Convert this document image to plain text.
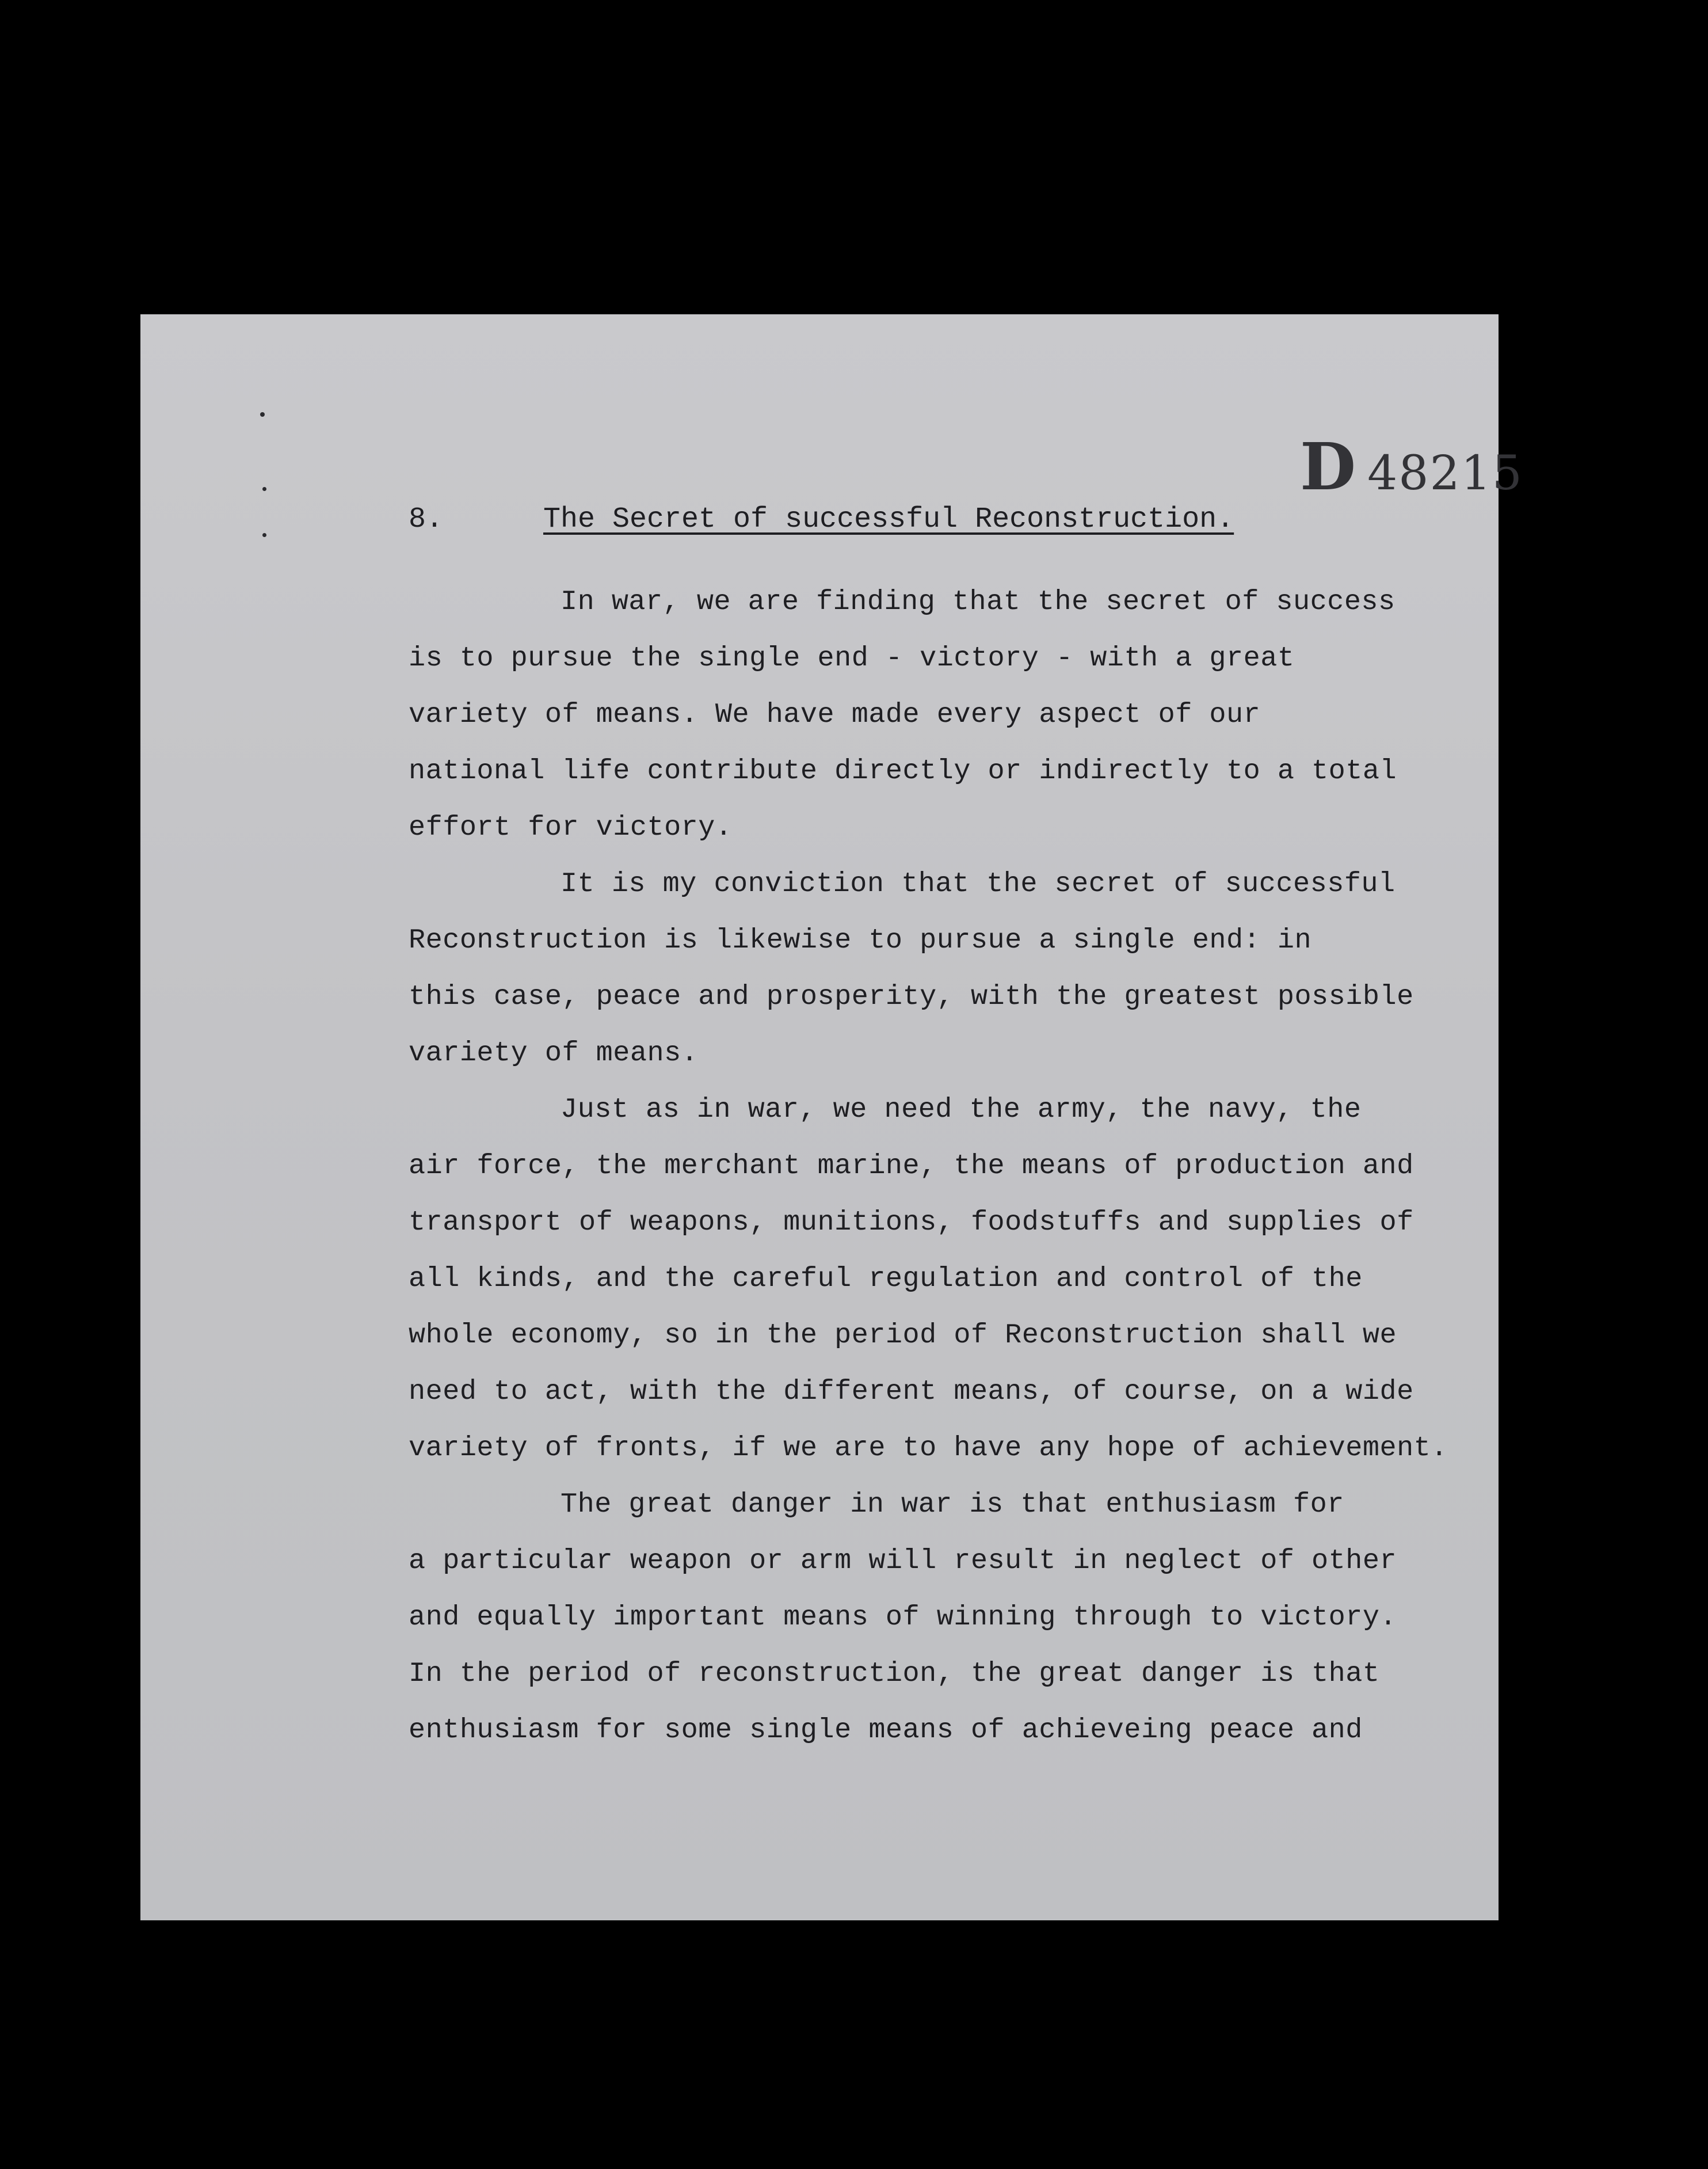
D 48215
8.	The Secret of successful Reconstruction.
In war, we are finding that the secret of success
is to pursue the single end - victory - with a great
variety of means. We have made every aspect of our
national life contribute directly or indirectly to a total
effort for victory.
It is my conviction that the secret of successful
Reconstruction is likewise to pursue a single end: in
this case, peace and prosperity, with the greatest possible
variety of means.
Just as in war, we need the army, the navy, the
air force, the merchant marine, the means of production and
transport of weapons, munitions, foodstuffs and supplies of
all kinds, and the careful regulation and control of the
whole economy, so in the period of Reconstruction shall we
need to act, with the different means, of course, on a wide
variety of fronts, if we are to have any hope of achievement.
The great danger in war is that enthusiasm for
a particular weapon or arm will result in neglect of other
and equally important means of winning through to victory.
In the period of reconstruction, the great danger is that
enthusiasm for some single means of achieveing peace and
